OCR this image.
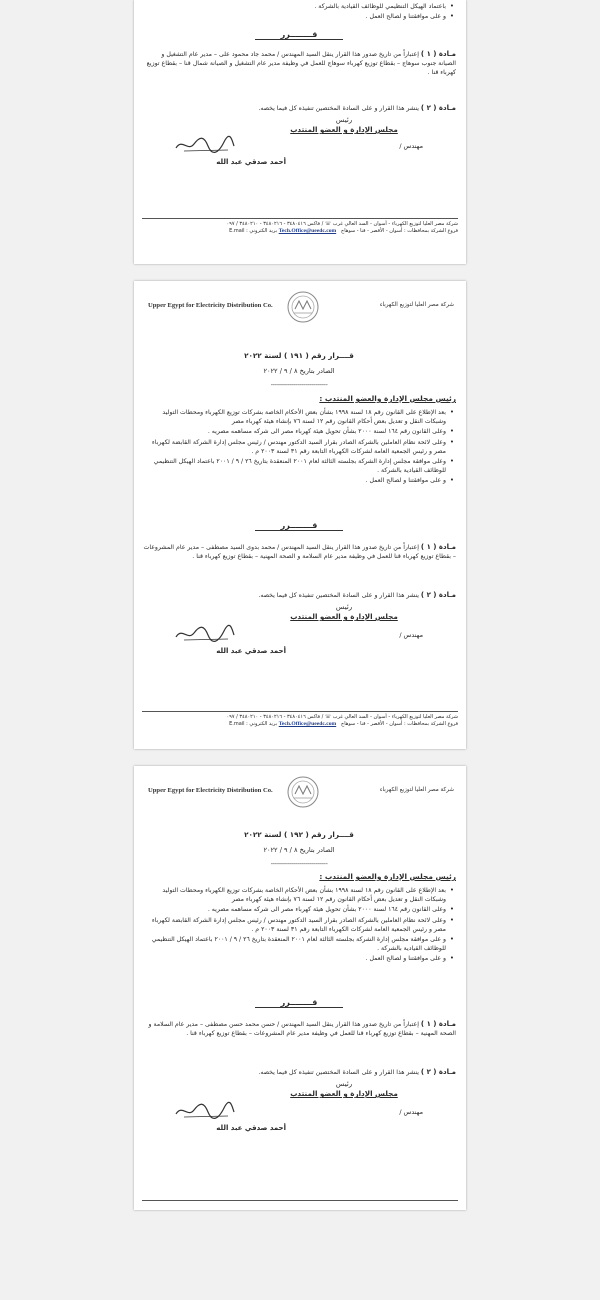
• باعتماد الهيكل التنظيمي للوظائف القيادية بالشركة .
• و على موافقتنا و لصالح العمل .
قــــــــرر
مـادة ( ١ ) إعتباراً من تاريخ صدور هذا القرار ينقل السيد المهندس / محمد جاد محمود على – مدير عام التشغيل و الصيانة جنوب سوهاج – بقطاع توزيع كهرباء سوهاج للعمل في وظيفة مدير عام التشغيل و الصيانة شمال قنا – بقطاع توزيع كهرباء قنا .
مـادة ( ٢ ) ينشر هذا القرار و على السادة المختصين تنفيذه كل فيما يخصه.
رئيس
مجلس الإدارة و العضو المنتدب
مهندس /
أحمد صدقي عبد الله
شركة مصر العليا لتوزيع الكهرباء - أسوان - السد العالي غرب ☏ / فاكس ٣٤٨٠٤١٦ - ٣٤٨٠٢١٦ - ٣٤٨٠٢١٠ / ٠٩٧
فروع الشركة بمحافظات : أسوان - الأقصر - قنا - سوهاج   Tech.Office@ueedc.com بريد الكتروني : E.mail
شركة مصر العليا لتوزيع الكهرباء
Upper Egypt for Electricity Distribution Co.
قــــرار رقم ( ١٩١ ) لسنة ٢٠٢٢
الصادر بتاريخ ٨ / ٩ / ٢٠٢٢
----------------------------
رئيس مجلس الإدارة والعضو المنتدب :
• بعد الإطلاع على القانون رقم ١٨ لسنة ١٩٩٨ بشأن بعض الأحكام الخاصة بشركات توزيع الكهرباء ومحطات التوليد وشبكات النقل و تعديل بعض أحكام القانون رقم ١٢ لسنة ٧٦ بإنشاء هيئة كهرباء مصر
• وعلى القانون رقم ١٦٤ لسنة ٢٠٠٠ بشأن تحويل هيئة كهرباء مصر الى شركه مساهمه مصريه .
• وعلى لائحة نظام العاملين بالشركة الصادر بقرار السيد الدكتور مهندس / رئيس مجلس إدارة الشركة القابضة لكهرباء مصر و رئيس الجمعية العامة لشركات الكهرباء التابعة رقم ٣١ لسنة ٢٠٠٣ م .
• وعلى موافقة مجلس إدارة الشركة بجلسته الثالثة لعام ٢٠٠١ المنعقدة بتاريخ ٢٦ / ٩ / ٢٠٠١ باعتماد الهيكل التنظيمي للوظائف القيادية بالشركة .
• و على موافقتنا و لصالح العمل .
قــــــــرر
مـادة ( ١ ) إعتباراً من تاريخ صدور هذا القرار ينقل السيد المهندس / محمد بدوى السيد مصطفى – مدير عام المشروعات – بقطاع توزيع كهرباء قنا للعمل في وظيفة مدير عام السلامة و الصحة المهنية – بقطاع توزيع كهرباء قنا .
مـادة ( ٢ ) ينشر هذا القرار و على السادة المختصين تنفيذه كل فيما يخصه.
رئيس
مجلس الإدارة و العضو المنتدب
مهندس /
أحمد صدقي عبد الله
شركة مصر العليا لتوزيع الكهرباء - أسوان - السد العالي غرب ☏ / فاكس ٣٤٨٠٤١٦ - ٣٤٨٠٢١٦ - ٣٤٨٠٢١٠ / ٠٩٧
فروع الشركة بمحافظات : أسوان - الأقصر - قنا - سوهاج   Tech.Office@ueedc.com بريد الكتروني : E.mail
شركة مصر العليا لتوزيع الكهرباء
Upper Egypt for Electricity Distribution Co.
قــــرار رقم ( ١٩٢ ) لسنة ٢٠٢٢
الصادر بتاريخ ٨ / ٩ / ٢٠٢٢
----------------------------
رئيس مجلس الإدارة والعضو المنتدب :
• بعد الإطلاع على القانون رقم ١٨ لسنة ١٩٩٨ بشأن بعض الأحكام الخاصة بشركات توزيع الكهرباء ومحطات التوليد وشبكات النقل و تعديل بعض أحكام القانون رقم ١٢ لسنة ٧٦ بإنشاء هيئة كهرباء مصر
• وعلى القانون رقم ١٦٤ لسنة ٢٠٠٠ بشأن تحويل هيئة كهرباء مصر الى شركه مساهمه مصريه .
• وعلى لائحة نظام العاملين بالشركة الصادر بقرار السيد الدكتور مهندس / رئيس مجلس إدارة الشركة القابضة لكهرباء مصر و رئيس الجمعية العامة لشركات الكهرباء التابعة رقم ٣١ لسنة ٢٠٠٣ م .
• و على موافقة مجلس إدارة الشركة بجلسته الثالثة لعام ٢٠٠١ المنعقدة بتاريخ ٢٦ / ٩ / ٢٠٠١ باعتماد الهيكل التنظيمي للوظائف القيادية بالشركة .
• و على موافقتنا و لصالح العمل .
قــــــــرر
مـادة ( ١ ) إعتباراً من تاريخ صدور هذا القرار ينقل السيد المهندس / حسن محمد حسن مصطفى – مدير عام السلامة و الصحة المهنية – بقطاع توزيع كهرباء قنا للعمل في وظيفة مدير عام المشروعات – بقطاع توزيع كهرباء قنا .
مـادة ( ٢ ) ينشر هذا القرار و على السادة المختصين تنفيذه كل فيما يخصه.
رئيس
مجلس الإدارة و العضو المنتدب
مهندس /
أحمد صدقي عبد الله
